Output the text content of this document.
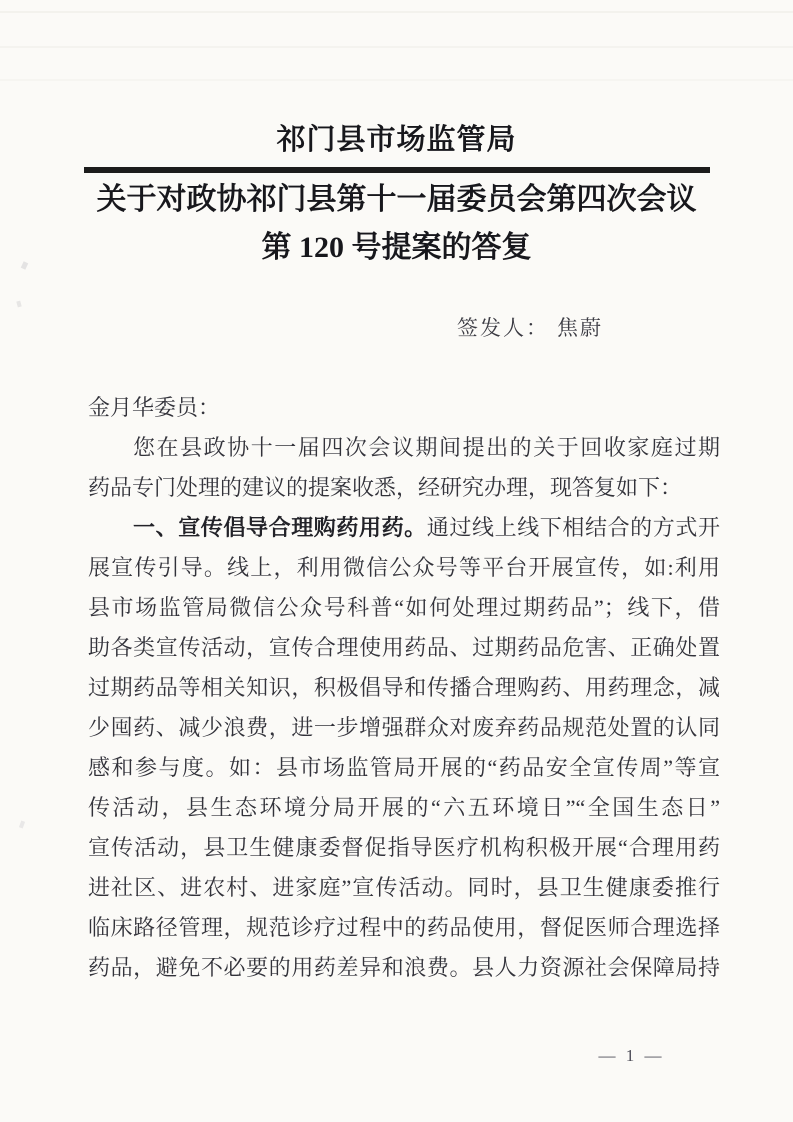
祁门县市场监管局
关于对政协祁门县第十一届委员会第四次会议
第 120 号提案的答复
签发人： 焦蔚
金月华委员：
您在县政协十一届四次会议期间提出的关于回收家庭过期
药品专门处理的建议的提案收悉，经研究办理，现答复如下：
一、宣传倡导合理购药用药。通过线上线下相结合的方式开
展宣传引导。线上，利用微信公众号等平台开展宣传，如:利用
县市场监管局微信公众号科普“如何处理过期药品”；线下，借
助各类宣传活动，宣传合理使用药品、过期药品危害、正确处置
过期药品等相关知识，积极倡导和传播合理购药、用药理念，减
少囤药、减少浪费，进一步增强群众对废弃药品规范处置的认同
感和参与度。如：县市场监管局开展的“药品安全宣传周”等宣
传活动，县生态环境分局开展的“六五环境日”“全国生态日”
宣传活动，县卫生健康委督促指导医疗机构积极开展“合理用药
进社区、进农村、进家庭”宣传活动。同时，县卫生健康委推行
临床路径管理，规范诊疗过程中的药品使用，督促医师合理选择
药品，避免不必要的用药差异和浪费。县人力资源社会保障局持
— 1 —
